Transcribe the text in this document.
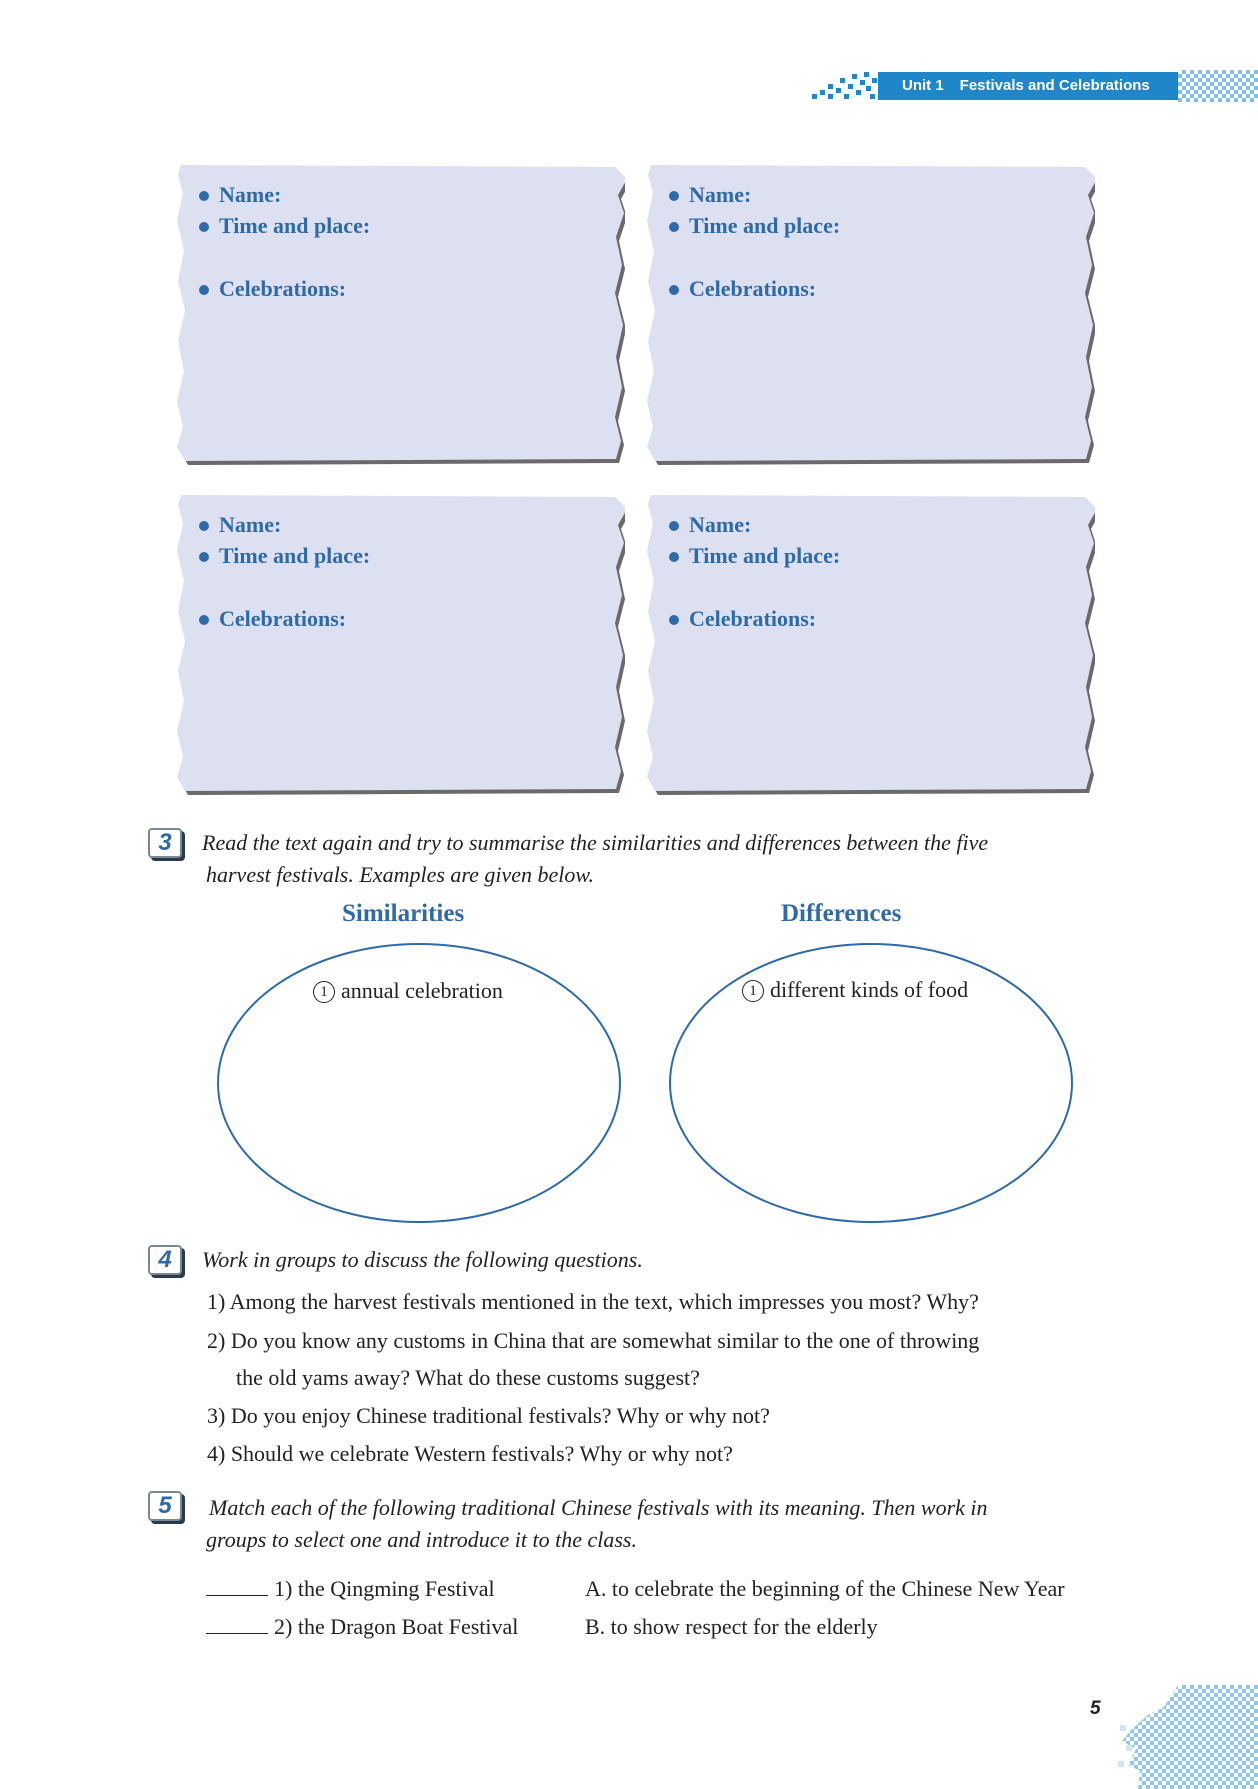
Unit 1 Festivals and Celebrations
Name:
Time and place:
Celebrations:
Name:
Time and place:
Celebrations:
Name:
Time and place:
Celebrations:
Name:
Time and place:
Celebrations:
3	Read the text again and try to summarise the similarities and differences between the five
harvest festivals. Examples are given below.
Similarities	Differences
1 annual celebration	1 different kinds of food
4	Work in groups to discuss the following questions.
1) Among the harvest festivals mentioned in the text, which impresses you most? Why?
2) Do you know any customs in China that are somewhat similar to the one of throwing
the old yams away? What do these customs suggest?
3) Do you enjoy Chinese traditional festivals? Why or why not?
4) Should we celebrate Western festivals? Why or why not?
5	Match each of the following traditional Chinese festivals with its meaning. Then work in
groups to select one and introduce it to the class.
1) the Qingming Festival	A. to celebrate the beginning of the Chinese New Year
2) the Dragon Boat Festival	B. to show respect for the elderly
5
